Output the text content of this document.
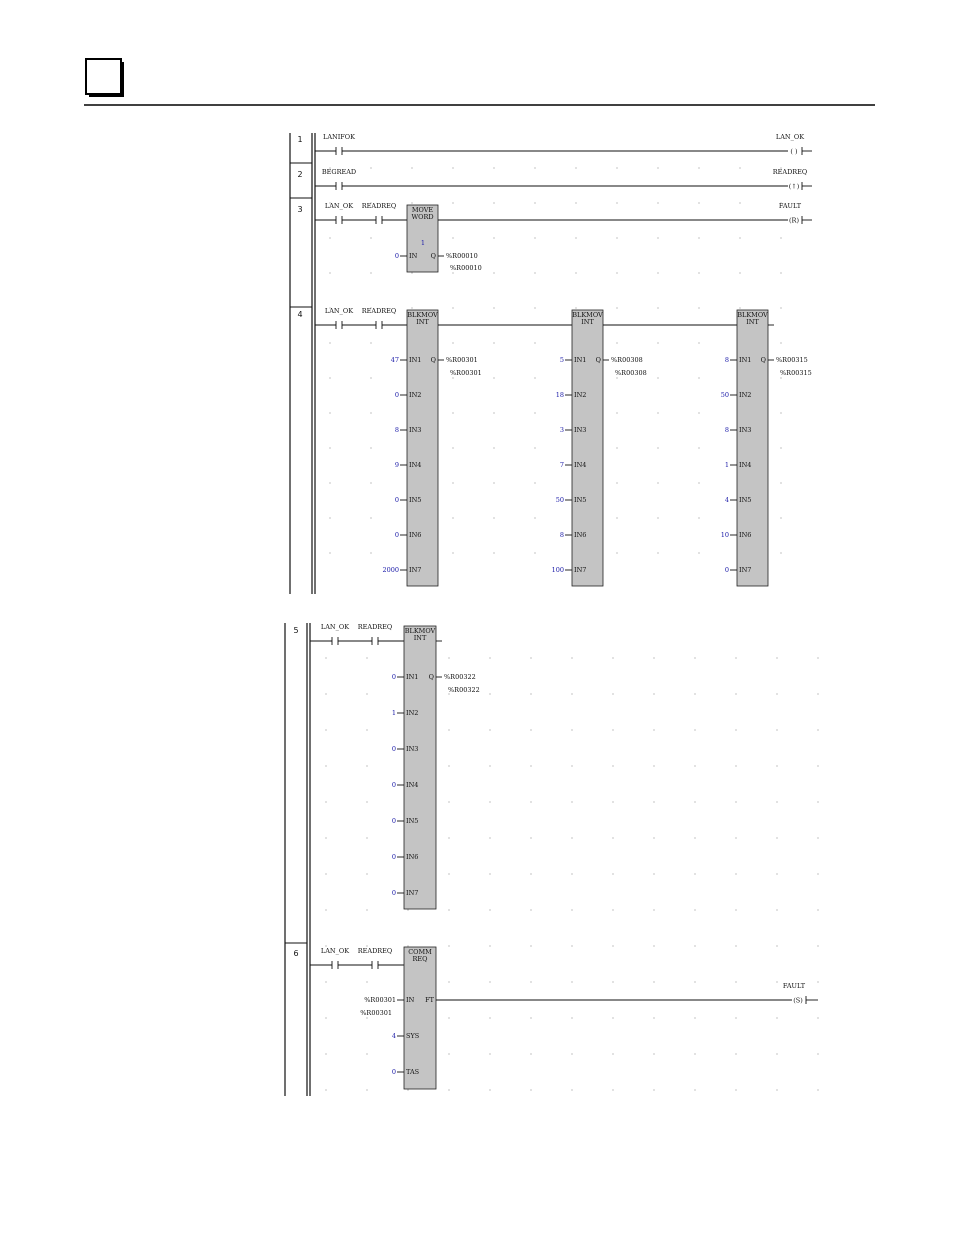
1	LANIFOK
( )
LAN_OK
2	BEGREAD
(↑)
READREQ
3	LAN_OK READREQ MOVE
WORD
1
0 IN Q %R00010
%R00010
(R)
FAULT
4	LAN_OK READREQ BLKMOV
INT
47 IN1
0 IN2
8 IN3
9 IN4
0 IN5
0 IN6
2000 IN7
Q %R00301
%R00301
BLKMOV
INT
5 IN1
18 IN2
3 IN3
7 IN4
50 IN5
8 IN6
100 IN7
Q %R00308
%R00308
BLKMOV
INT
8 IN1
50 IN2
8 IN3
1 IN4
4 IN5
10 IN6
0 IN7
Q %R00315
%R00315
5	LAN_OK READREQ BLKMOV
INT
0 IN1
1 IN2
0 IN3
0 IN4
0 IN5
0 IN6
0 IN7
Q %R00322
%R00322
6	LAN_OK READREQ COMM
REQ
%R00301
%R00301
IN
4 SYS
0 TAS
FT	(S)
FAULT
